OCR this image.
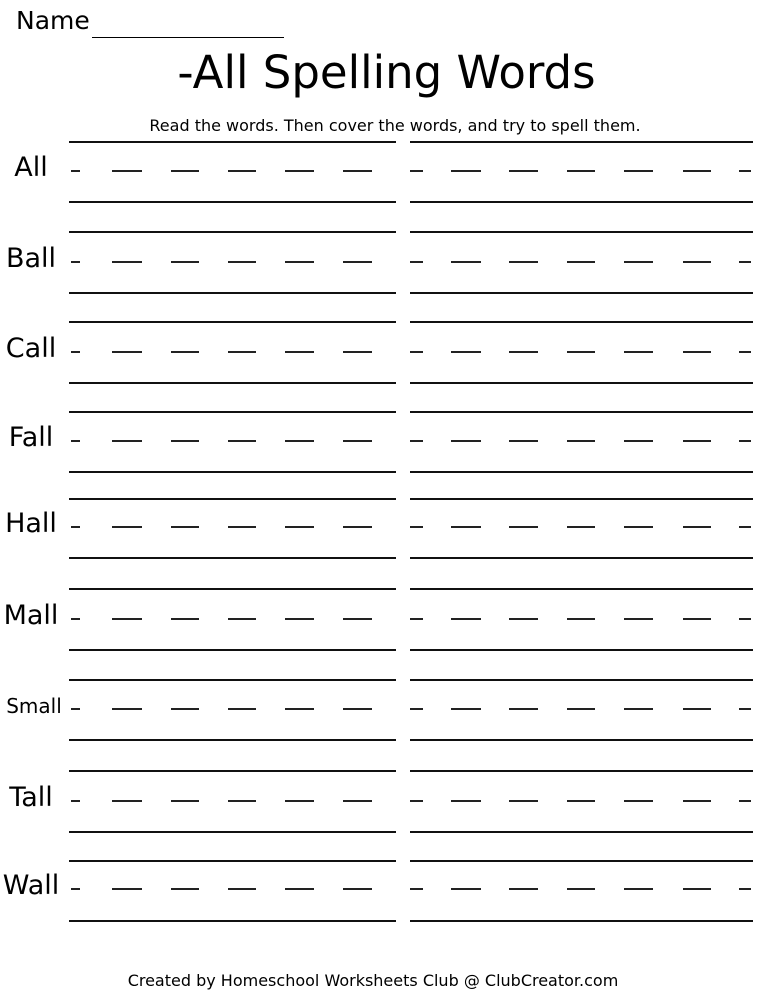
Name
-All Spelling Words
Read the words. Then cover the words, and try to spell them.
All
Ball
Call
Fall
Hall
Mall
Small
Tall
Wall
Created by Homeschool Worksheets Club @ ClubCreator.com
